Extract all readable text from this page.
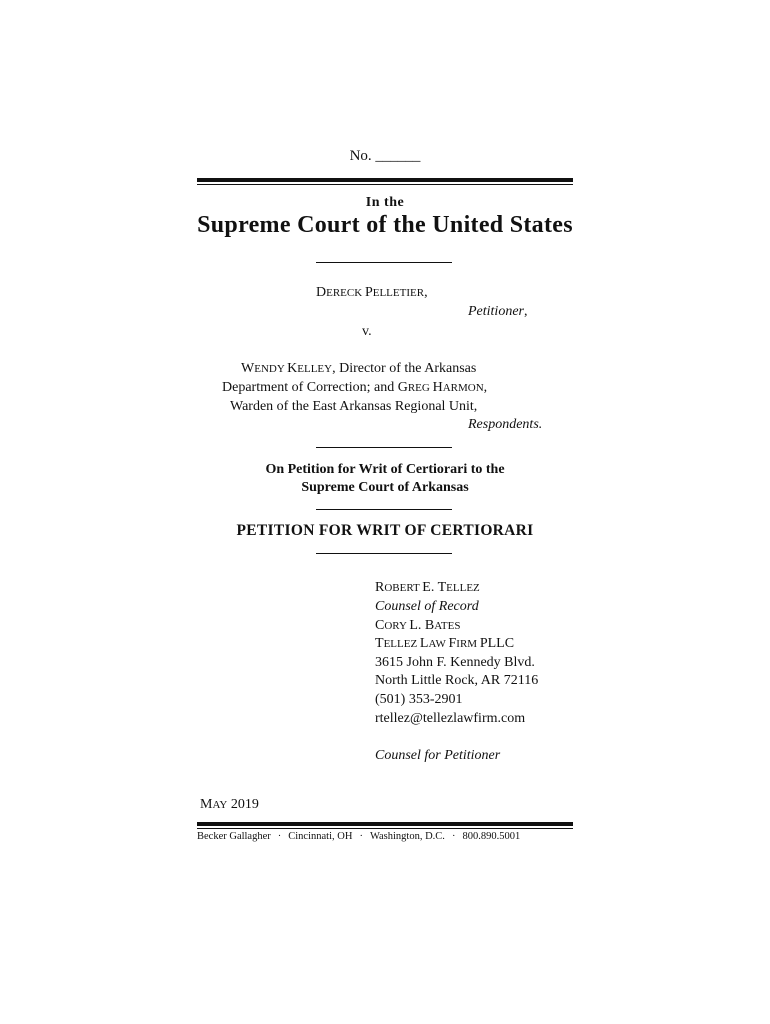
No. ______
In the
Supreme Court of the United States
DERECK PELLETIER,
Petitioner,
v.
WENDY KELLEY, Director of the Arkansas
Department of Correction; and GREG HARMON,
Warden of the East Arkansas Regional Unit,
Respondents.
On Petition for Writ of Certiorari to the
Supreme Court of Arkansas
PETITION FOR WRIT OF CERTIORARI
ROBERT E. TELLEZ
Counsel of Record
CORY L. BATES
TELLEZ LAW FIRM PLLC
3615 John F. Kennedy Blvd.
North Little Rock, AR 72116
(501) 353-2901
rtellez@tellezlawfirm.com
Counsel for Petitioner
MAY 2019
Becker Gallagher · Cincinnati, OH · Washington, D.C. · 800.890.5001
